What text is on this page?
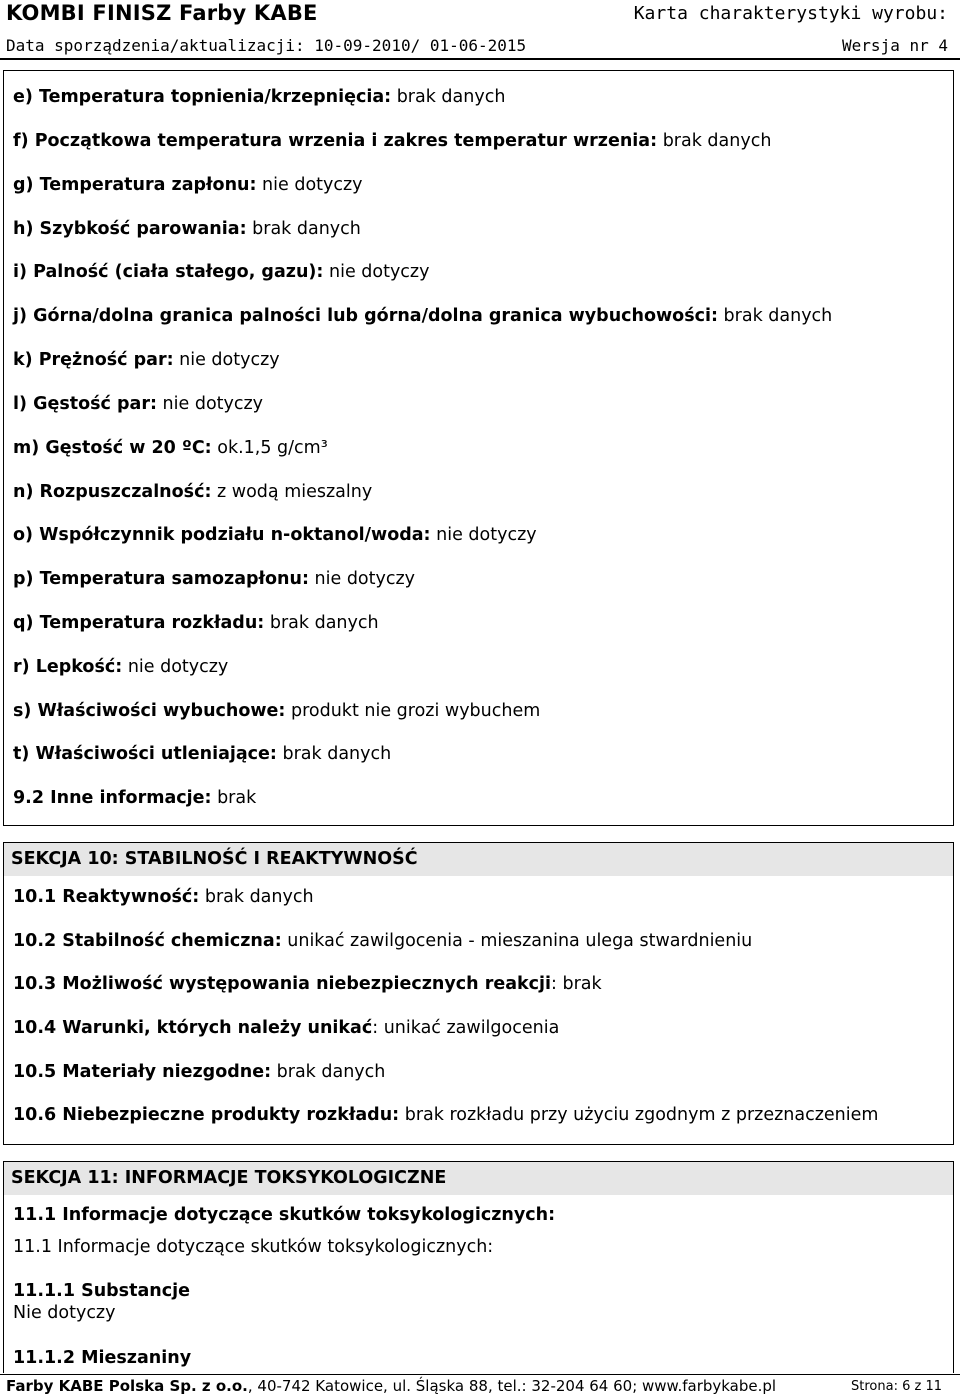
KOMBI FINISZ Farby KABE	Karta charakterystyki wyrobu:
Data sporządzenia/aktualizacji: 10-09-2010/ 01-06-2015	Wersja nr 4
e) Temperatura topnienia/krzepnięcia: brak danych
f) Początkowa temperatura wrzenia i zakres temperatur wrzenia: brak danych
g) Temperatura zapłonu: nie dotyczy
h) Szybkość parowania: brak danych
i) Palność (ciała stałego, gazu): nie dotyczy
j) Górna/dolna granica palności lub górna/dolna granica wybuchowości: brak danych
k) Prężność par: nie dotyczy
l) Gęstość par: nie dotyczy
m) Gęstość w 20 ºC: ok.1,5 g/cm³
n) Rozpuszczalność: z wodą mieszalny
o) Współczynnik podziału n-oktanol/woda: nie dotyczy
p) Temperatura samozapłonu: nie dotyczy
q) Temperatura rozkładu: brak danych
r) Lepkość: nie dotyczy
s) Właściwości wybuchowe: produkt nie grozi wybuchem
t) Właściwości utleniające: brak danych
9.2 Inne informacje: brak
SEKCJA 10: STABILNOŚĆ I REAKTYWNOŚĆ
10.1 Reaktywność: brak danych
10.2 Stabilność chemiczna: unikać zawilgocenia - mieszanina ulega stwardnieniu
10.3 Możliwość występowania niebezpiecznych reakcji: brak
10.4 Warunki, których należy unikać: unikać zawilgocenia
10.5 Materiały niezgodne: brak danych
10.6 Niebezpieczne produkty rozkładu: brak rozkładu przy użyciu zgodnym z przeznaczeniem
SEKCJA 11: INFORMACJE TOKSYKOLOGICZNE
11.1 Informacje dotyczące skutków toksykologicznych:
11.1 Informacje dotyczące skutków toksykologicznych:
11.1.1 Substancje
Nie dotyczy
11.1.2 Mieszaniny
Farby KABE Polska Sp. z o.o., 40-742 Katowice, ul. Śląska 88, tel.: 32-204 64 60; www.farbykabe.pl	Strona: 6 z 11
